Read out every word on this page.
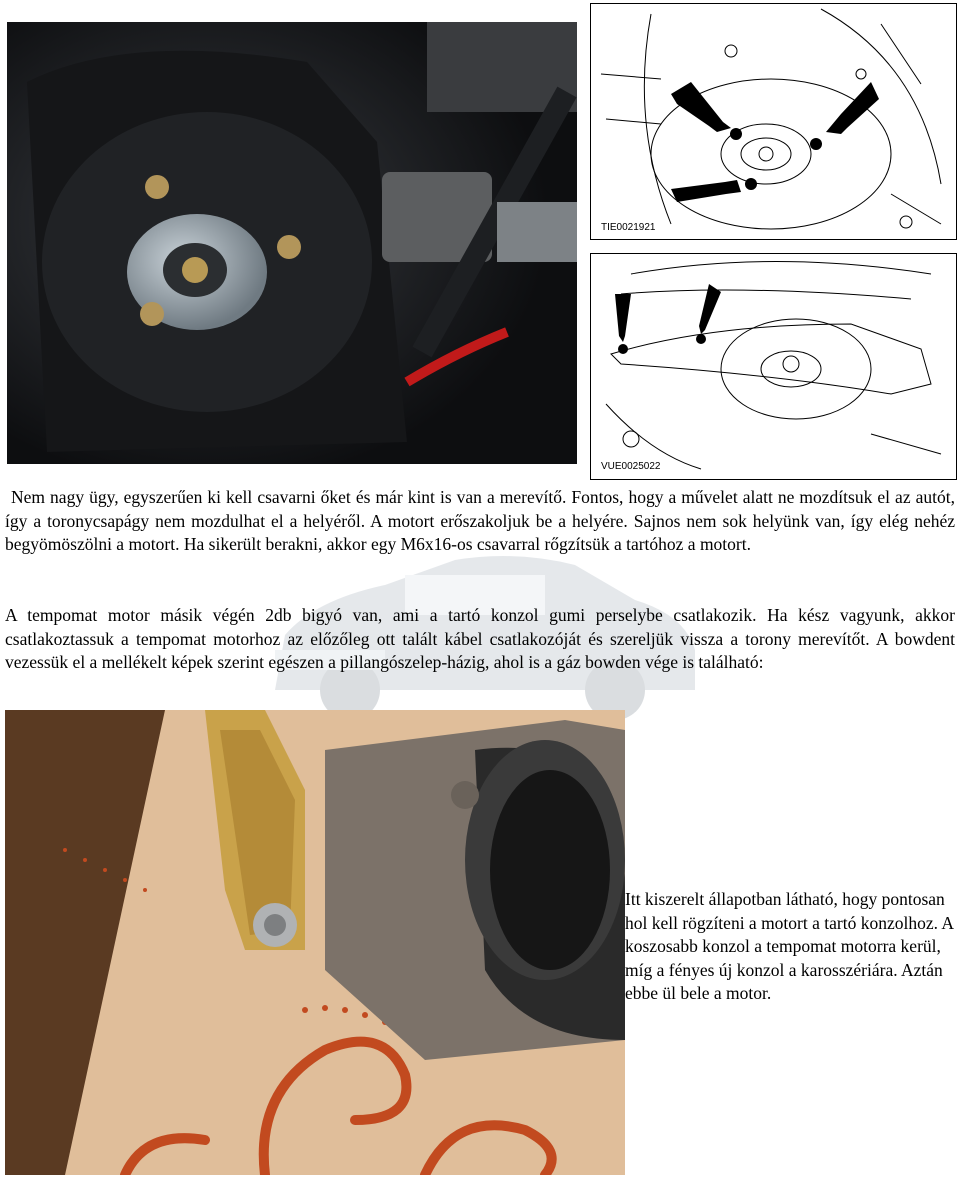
TIE0021921
VUE0025022

Nem nagy ügy, egyszerűen ki kell csavarni őket és már kint is van a merevítő. Fontos, hogy a művelet alatt ne mozdítsuk el az autót, így a toronycsapágy nem mozdulhat el a helyéről. A motort erőszakoljuk be a helyére. Sajnos nem sok helyünk van, így elég nehéz begyömöszölni a motort. Ha sikerült berakni, akkor egy M6x16-os csavarral rőgzítsük a tartóhoz a motort.

A tempomat motor másik végén 2db bigyó van, ami a tartó konzol gumi perselybe csatlakozik. Ha kész vagyunk, akkor csatlakoztassuk a tempomat motorhoz az előzőleg ott talált kábel csatlakozóját és szereljük vissza a torony merevítőt. A bowdent vezessük el a mellékelt képek szerint egészen a pillangószelep-házig, ahol is a gáz bowden vége is található:

Itt kiszerelt állapotban látható, hogy pontosan hol kell rögzíteni a motort a tartó konzolhoz. A koszosabb konzol a tempomat motorra kerül, míg a fényes új konzol a karosszériára. Aztán ebbe ül bele a motor.
